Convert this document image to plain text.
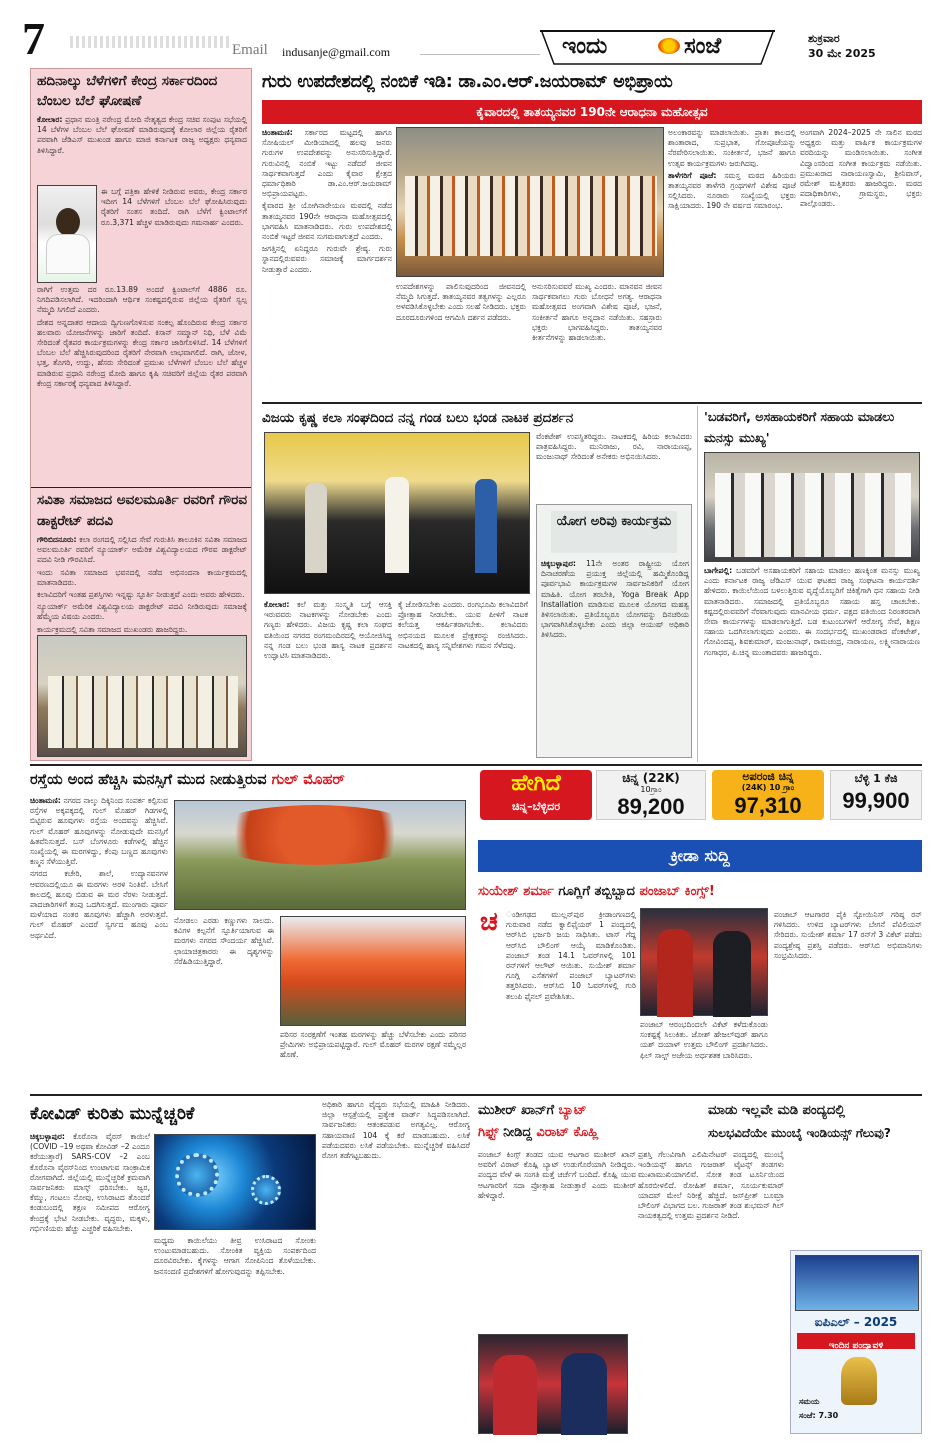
7	Email indusanje@gmail.com	ಇಂದು	ಸಂಜೆ	ಶುಕ್ರವಾರ
30 ಮೇ 2025
ಹದಿನಾಲ್ಕು ಬೆಳೆಗಳಿಗೆ ಕೇಂದ್ರ ಸರ್ಕಾರದಿಂದ ಬೆಂಬಲ ಬೆಲೆ ಘೋಷಣೆ

ಕೋಲಾರ: ಪ್ರಧಾನ ಮಂತ್ರಿ ನರೇಂದ್ರ ಮೋದಿ ನೇತೃತ್ವದ ಕೇಂದ್ರ ಸಚಿವ ಸಂಪುಟ ಸಭೆಯಲ್ಲಿ 14 ಬೆಳೆಗಳ ಬೆಂಬಲ ಬೆಲೆ ಘೋಷಣೆ ಮಾಡಿರುವುದಕ್ಕೆ ಕೋಲಾರ ಜಿಲ್ಲೆಯ ರೈತರಿಗೆ ಪರವಾಗಿ ಜೆಡಿಎಸ್ ಮುಖಂಡ ಹಾಗೂ ಮಾಜಿ ಕರ್ನಾಟಕ ರಾಜ್ಯ ಅಧ್ಯಕ್ಷರು ಧನ್ಯವಾದ ತಿಳಿಸಿದ್ದಾರೆ.

ಈ ಬಗ್ಗೆ ಪತ್ರಿಕಾ ಹೇಳಿಕೆ ನೀಡಿರುವ ಅವರು, ಕೇಂದ್ರ ಸರ್ಕಾರ ಇದೀಗ 14 ಬೆಳೆಗಳಿಗೆ ಬೆಂಬಲ ಬೆಲೆ ಘೋಷಿಸಿರುವುದು ರೈತರಿಗೆ ಸಂತಸ ತಂದಿದೆ. ರಾಗಿ ಬೆಳೆಗೆ ಕ್ವಿಂಟಾಲ್‌ಗೆ ರೂ.3,371 ಹೆಚ್ಚಳ ಮಾಡಿರುವುದು ಗಮನಾರ್ಹ ಎಂದರು.

ರಾಗಿಗೆ ಉತ್ತಮ ದರ ರೂ.13.89 ಅಂದರೆ ಕ್ವಿಂಟಾಲ್‌ಗೆ 4886 ರೂ. ನಿಗದಿಪಡಿಸಲಾಗಿದೆ. ಇದರಿಂದಾಗಿ ಆರ್ಥಿಕ ಸಂಕಷ್ಟದಲ್ಲಿರುವ ಜಿಲ್ಲೆಯ ರೈತರಿಗೆ ಸ್ವಲ್ಪ ನೆಮ್ಮದಿ ಸಿಗಲಿದೆ ಎಂದರು.

ದೇಶದ ಅನ್ನದಾತರ ಆದಾಯ ದ್ವಿಗುಣಗೊಳಿಸುವ ಸಂಕಲ್ಪ ಹೊಂದಿರುವ ಕೇಂದ್ರ ಸರ್ಕಾರ ಹಲವಾರು ಯೋಜನೆಗಳನ್ನು ಜಾರಿಗೆ ತಂದಿದೆ. ಕಿಸಾನ್ ಸಮ್ಮಾನ್ ನಿಧಿ, ಬೆಳೆ ವಿಮೆ ಸೇರಿದಂತೆ ರೈತಪರ ಕಾರ್ಯಕ್ರಮಗಳನ್ನು ಕೇಂದ್ರ ಸರ್ಕಾರ ಜಾರಿಗೊಳಿಸಿದೆ. 14 ಬೆಳೆಗಳಿಗೆ ಬೆಂಬಲ ಬೆಲೆ ಹೆಚ್ಚಿಸಿರುವುದರಿಂದ ರೈತರಿಗೆ ನೇರವಾಗಿ ಲಾಭವಾಗಲಿದೆ. ರಾಗಿ, ಜೋಳ, ಭತ್ತ, ತೊಗರಿ, ಉದ್ದು, ಹೆಸರು ಸೇರಿದಂತೆ ಪ್ರಮುಖ ಬೆಳೆಗಳಿಗೆ ಬೆಂಬಲ ಬೆಲೆ ಹೆಚ್ಚಳ ಮಾಡಿರುವ ಪ್ರಧಾನಿ ನರೇಂದ್ರ ಮೋದಿ ಹಾಗೂ ಕೃಷಿ ಸಚಿವರಿಗೆ ಜಿಲ್ಲೆಯ ರೈತರ ಪರವಾಗಿ ಕೇಂದ್ರ ಸರ್ಕಾರಕ್ಕೆ ಧನ್ಯವಾದ ತಿಳಿಸಿದ್ದಾರೆ.

ಸವಿತಾ ಸಮಾಜದ ಅವಲಮೂರ್ತಿ ರವರಿಗೆ ಗೌರವ ಡಾಕ್ಟರೇಟ್ ಪದವಿ

ಗೌರಿಬಿದನೂರು: ಕಲಾ ರಂಗದಲ್ಲಿ ಸಲ್ಲಿಸಿದ ಸೇವೆ ಗುರುತಿಸಿ ತಾಲೂಕಿನ ಸವಿತಾ ಸಮಾಜದ ಅವಲಮೂರ್ತಿ ರವರಿಗೆ ನ್ಯೂಯಾರ್ಕ್ ಅಮೆರಿಕ ವಿಶ್ವವಿದ್ಯಾಲಯದ ಗೌರವ ಡಾಕ್ಟರೇಟ್ ಪದವಿ ನೀಡಿ ಗೌರವಿಸಿದೆ.

ಇಂದು ಸವಿತಾ ಸಮಾಜದ ಭವನದಲ್ಲಿ ನಡೆದ ಅಭಿನಂದನಾ ಕಾರ್ಯಕ್ರಮದಲ್ಲಿ ಮಾತನಾಡಿದರು.

ಕಲಾವಿದರಿಗೆ ಇಂತಹ ಪ್ರಶಸ್ತಿಗಳು ಇನ್ನಷ್ಟು ಸ್ಫೂರ್ತಿ ನೀಡುತ್ತವೆ ಎಂದು ಅವರು ಹೇಳಿದರು.

ನ್ಯೂಯಾರ್ಕ್ ಅಮೆರಿಕ ವಿಶ್ವವಿದ್ಯಾಲಯ ಡಾಕ್ಟರೇಟ್ ಪದವಿ ನೀಡಿರುವುದು ಸಮಾಜಕ್ಕೆ ಹೆಮ್ಮೆಯ ವಿಷಯ ಎಂದರು.

ಕಾರ್ಯಕ್ರಮದಲ್ಲಿ ಸವಿತಾ ಸಮಾಜದ ಮುಖಂಡರು ಹಾಜರಿದ್ದರು.

ಗುರು ಉಪದೇಶದಲ್ಲಿ ನಂಬಿಕೆ ಇಡಿ: ಡಾ.ಎಂ.ಆರ್.ಜಯರಾಮ್ ಅಭಿಪ್ರಾಯ
ಕೈವಾರದಲ್ಲಿ ತಾತಯ್ಯನವರ 190ನೇ ಆರಾಧನಾ ಮಹೋತ್ಸವ

ಚಿಂತಾಮಣಿ: ಸರ್ಕಾರದ ಮಟ್ಟದಲ್ಲಿ ಹಾಗೂ ಸೋಷಿಯಲ್ ಮೀಡಿಯಾದಲ್ಲಿ ಹಲವು ಜನರು ಗುರುಗಳ ಉಪದೇಶವನ್ನು ಅನುಸರಿಸುತ್ತಿದ್ದಾರೆ. ಗುರುವಿನಲ್ಲಿ ನಂಬಿಕೆ ಇಟ್ಟು ನಡೆದರೆ ಜೀವನ ಸಾರ್ಥಕವಾಗುತ್ತದೆ ಎಂದು ಕೈವಾರ ಕ್ಷೇತ್ರದ ಧರ್ಮಾಧಿಕಾರಿ ಡಾ.ಎಂ.ಆರ್.ಜಯರಾಮ್ ಅಭಿಪ್ರಾಯಪಟ್ಟರು.

ಕೈವಾರದ ಶ್ರೀ ಯೋಗಿನಾರೇಯಣ ಮಠದಲ್ಲಿ ನಡೆದ ತಾತಯ್ಯನವರ 190ನೇ ಆರಾಧನಾ ಮಹೋತ್ಸವದಲ್ಲಿ ಭಾಗವಹಿಸಿ ಮಾತನಾಡಿದರು. ಗುರು ಉಪದೇಶದಲ್ಲಿ ನಂಬಿಕೆ ಇಟ್ಟರೆ ಜೀವನ ಸುಗಮವಾಗುತ್ತದೆ ಎಂದರು.

ಜಗತ್ತಿನಲ್ಲಿ ಏನಿದ್ದರೂ ಗುರುವೇ ಶ್ರೇಷ್ಠ. ಗುರು ಸ್ಥಾನದಲ್ಲಿರುವವರು ಸಮಾಜಕ್ಕೆ ಮಾರ್ಗದರ್ಶನ ನೀಡುತ್ತಾರೆ ಎಂದರು.

ಉಪದೇಶಗಳನ್ನು ಪಾಲಿಸುವುದರಿಂದ ಜೀವನದಲ್ಲಿ ನೆಮ್ಮದಿ ಸಿಗುತ್ತದೆ. ತಾತಯ್ಯನವರ ತತ್ವಗಳನ್ನು ಎಲ್ಲರೂ ಅಳವಡಿಸಿಕೊಳ್ಳಬೇಕು ಎಂದು ಸಲಹೆ ನೀಡಿದರು. ಭಕ್ತರು ದೂರದೂರುಗಳಿಂದ ಆಗಮಿಸಿ ದರ್ಶನ ಪಡೆದರು.

ಅನುಸರಿಸುವವರೆ ಮುಖ್ಯ ಎಂದರು. ಮಾನವನ ಜೀವನ ಸಾರ್ಥಕವಾಗಲು ಗುರು ಬೋಧನೆ ಅಗತ್ಯ. ಆರಾಧನಾ ಮಹೋತ್ಸವದ ಅಂಗವಾಗಿ ವಿಶೇಷ ಪೂಜೆ, ಭಜನೆ, ಸಂಕೀರ್ತನೆ ಹಾಗೂ ಅನ್ನದಾನ ನಡೆಯಿತು. ಸಹಸ್ರಾರು ಭಕ್ತರು ಭಾಗವಹಿಸಿದ್ದರು. ತಾತಯ್ಯನವರ ಕೀರ್ತನೆಗಳನ್ನು ಹಾಡಲಾಯಿತು.

ಅಲಂಕಾರವನ್ನು ಮಾಡಲಾಯಿತು. ಪ್ರಾತಃ ಕಾಲದಲ್ಲಿ ಶಾಂತಾರಾದ, ಸುಪ್ರಭಾತ, ಗೋಪೂಜೆಯನ್ನು ನೆರವೇರಿಸಲಾಯಿತು. ಸಂಕೀರ್ತನೆ, ಭಜನೆ ಹಾಗೂ ಉತ್ಸವ ಕಾರ್ಯಕ್ರಮಗಳು ಜರುಗಿದವು.

ತಾಳೆಗರಿಗೆ ಪೂಜೆ: ಸಮಸ್ತ ಮಠದ ಹಿರಿಯರು ತಾತಯ್ಯನವರ ತಾಳೆಗರಿ ಗ್ರಂಥಗಳಿಗೆ ವಿಶೇಷ ಪೂಜೆ ಸಲ್ಲಿಸಿದರು. ನೂರಾರು ಸಂಖ್ಯೆಯಲ್ಲಿ ಭಕ್ತರು ಸಾಕ್ಷಿಯಾದರು. 190 ನೇ ವರ್ಷದ ಸಮಾರಂಭ.

ಅಂಗವಾಗಿ 2024–2025 ನೇ ಸಾಲಿನ ಮಠದ ಅಧ್ಯಕ್ಷರು ಮತ್ತು ವಾರ್ಷಿಕ ಕಾರ್ಯಕ್ರಮಗಳ ವರದಿಯನ್ನು ಮಂಡಿಸಲಾಯಿತು. ಸಂಗೀತ ವಿದ್ವಾಂಸರಿಂದ ಸಂಗೀತ ಕಾರ್ಯಕ್ರಮ ನಡೆಯಿತು. ಪ್ರಮುಖರಾದ ನಾರಾಯಣಸ್ವಾಮಿ, ಶ್ರೀನಿವಾಸ್, ರಮೇಶ್ ಮತ್ತಿತರರು ಹಾಜರಿದ್ದರು. ಮಠದ ಪದಾಧಿಕಾರಿಗಳು, ಗ್ರಾಮಸ್ಥರು, ಭಕ್ತರು ಪಾಲ್ಗೊಂಡರು.

ವಿಜಯ ಕೃಷ್ಣ ಕಲಾ ಸಂಘದಿಂದ ನನ್ನ ಗಂಡ ಬಲು ಭಂಡ ನಾಟಕ ಪ್ರದರ್ಶನ

ಕೋಲಾರ: ಕಲೆ ಮತ್ತು ಸಂಸ್ಕೃತಿ ಬಗ್ಗೆ ಆಸಕ್ತಿ ಇರುವವರು ನಾಟಕಗಳನ್ನು ನೋಡಬೇಕು ಎಂದು ಗಣ್ಯರು ಹೇಳಿದರು. ವಿಜಯ ಕೃಷ್ಣ ಕಲಾ ಸಂಘದ ವತಿಯಿಂದ ನಗರದ ರಂಗಮಂದಿರದಲ್ಲಿ ಆಯೋಜಿಸಿದ್ದ ನನ್ನ ಗಂಡ ಬಲು ಭಂಡ ಹಾಸ್ಯ ನಾಟಕ ಪ್ರದರ್ಶನ ಉದ್ಘಾಟಿಸಿ ಮಾತನಾಡಿದರು.

ಕೈ ಜೋಡಿಸಬೇಕು ಎಂದರು. ರಂಗಭೂಮಿ ಕಲಾವಿದರಿಗೆ ಪ್ರೋತ್ಸಾಹ ನೀಡಬೇಕು. ಯುವ ಪೀಳಿಗೆ ನಾಟಕ ಕಲೆಯತ್ತ ಆಕರ್ಷಿತರಾಗಬೇಕು. ಕಲಾವಿದರು ಅಭಿನಯದ ಮೂಲಕ ಪ್ರೇಕ್ಷಕರನ್ನು ರಂಜಿಸಿದರು. ನಾಟಕದಲ್ಲಿ ಹಾಸ್ಯ ಸನ್ನಿವೇಶಗಳು ಗಮನ ಸೆಳೆದವು.

ವೆಂಕಟೇಶ್ ಉಪಸ್ಥಿತರಿದ್ದರು. ನಾಟಕದಲ್ಲಿ ಹಿರಿಯ ಕಲಾವಿದರು ಪಾತ್ರವಹಿಸಿದ್ದರು. ಮುನಿರಾಜು, ರವಿ, ನಾರಾಯಣಪ್ಪ, ಮಂಜುನಾಥ್ ಸೇರಿದಂತೆ ಅನೇಕರು ಅಭಿನಯಿಸಿದರು.

ಯೋಗ ಅರಿವು ಕಾರ್ಯಕ್ರಮ

ಚಿಕ್ಕಬಳ್ಳಾಪುರ: 11ನೇ ಅಂತರ ರಾಷ್ಟ್ರೀಯ ಯೋಗ ದಿನಾಚರಣೆಯ ಪ್ರಯುಕ್ತ ಜಿಲ್ಲೆಯಲ್ಲಿ ಹಮ್ಮಿಕೊಂಡಿದ್ದ ಪೂರ್ವಭಾವಿ ಕಾರ್ಯಕ್ರಮಗಳ ಸಾರ್ವಜನಿಕರಿಗೆ ಯೋಗ ಮಾಹಿತಿ. ಯೋಗ ತರಬೇತಿ, Yoga Break App Installation ಮಾಡಿಸುವ ಮೂಲಕ ಯೋಗದ ಮಹತ್ವ ತಿಳಿಸಲಾಯಿತು. ಪ್ರತಿಯೊಬ್ಬರೂ ಯೋಗವನ್ನು ದಿನಚರಿಯ ಭಾಗವಾಗಿಸಿಕೊಳ್ಳಬೇಕು ಎಂದು ಜಿಲ್ಲಾ ಆಯುಷ್ ಅಧಿಕಾರಿ ತಿಳಿಸಿದರು.

'ಬಡವರಿಗೆ, ಅಸಹಾಯಕರಿಗೆ ಸಹಾಯ ಮಾಡಲು ಮನಸ್ಸು ಮುಖ್ಯ'

ಬಾಗೇಪಲ್ಲಿ: ಬಡವರಿಗೆ ಅಸಹಾಯಕರಿಗೆ ಸಹಾಯ ಮಾಡಲು ಹಣಕ್ಕಿಂತ ಮನಸ್ಸು ಮುಖ್ಯ ಎಂದು ಕರ್ನಾಟಕ ರಾಜ್ಯ ಜೆಡಿಎಸ್ ಯುವ ಘಟಕದ ರಾಜ್ಯ ಸಂಘಟನಾ ಕಾರ್ಯದರ್ಶಿ ಹೇಳಿದರು. ಕಾಯಿಲೆಯಿಂದ ಬಳಲುತ್ತಿರುವ ವೃದ್ಧೆಯೊಬ್ಬರಿಗೆ ಚಿಕಿತ್ಸೆಗಾಗಿ ಧನ ಸಹಾಯ ನೀಡಿ ಮಾತನಾಡಿದರು. ಸಮಾಜದಲ್ಲಿ ಪ್ರತಿಯೊಬ್ಬರೂ ಸಹಾಯ ಹಸ್ತ ಚಾಚಬೇಕು. ಕಷ್ಟದಲ್ಲಿರುವವರಿಗೆ ನೆರವಾಗುವುದು ಮಾನವೀಯ ಧರ್ಮ. ಪಕ್ಷದ ವತಿಯಿಂದ ನಿರಂತರವಾಗಿ ಸೇವಾ ಕಾರ್ಯಗಳನ್ನು ಮಾಡಲಾಗುತ್ತಿದೆ. ಬಡ ಕುಟುಂಬಗಳಿಗೆ ಆರೋಗ್ಯ ಸೇವೆ, ಶಿಕ್ಷಣ ಸಹಾಯ ಒದಗಿಸಲಾಗುವುದು ಎಂದರು. ಈ ಸಂದರ್ಭದಲ್ಲಿ ಮುಖಂಡರಾದ ವೆಂಕಟೇಶ್, ಗೋವಿಂದಪ್ಪ, ಶಿವಕುಮಾರ್, ಮಂಜುನಾಥ್, ರಾಮಚಂದ್ರ, ನಾರಾಯಣ, ಲಕ್ಷ್ಮೀನಾರಾಯಣ ಗಂಗಾಧರ, ಪಿ.ಚಿನ್ನ ಮುಂತಾದವರು ಹಾಜರಿದ್ದರು.

ರಸ್ತೆಯ ಅಂದ ಹೆಚ್ಚಿಸಿ ಮನಸ್ಸಿಗೆ ಮುದ ನೀಡುತ್ತಿರುವ ಗುಲ್ ಮೊಹರ್

ಚಿಂತಾಮಣಿ: ನಗರದ ನಾಲ್ಕು ದಿಕ್ಕಿನಿಂದ ಸಂಪರ್ಕ ಕಲ್ಪಿಸುವ ರಸ್ತೆಗಳ ಅಕ್ಕಪಕ್ಕದಲ್ಲಿ ಗುಲ್ ಮೊಹರ್ ಗಿಡಗಳಲ್ಲಿ ಬಿಟ್ಟಿರುವ ಹೂವುಗಳು ರಸ್ತೆಯ ಅಂದವನ್ನು ಹೆಚ್ಚಿಸಿವೆ. ಗುಲ್ ಮೊಹರ್ ಹೂವುಗಳನ್ನು ನೋಡುವುದೇ ಮನಸ್ಸಿಗೆ ಹಿತವೆನಿಸುತ್ತದೆ. ಬಸ್ ಬೆಂಗಳೂರು ಕಡೆಗಳಲ್ಲಿ ಹೆಚ್ಚಿನ ಸಂಖ್ಯೆಯಲ್ಲಿ ಈ ಮರಗಳಿದ್ದು, ಕೆಂಪು ಬಣ್ಣದ ಹೂವುಗಳು ಕಣ್ಮನ ಸೆಳೆಯುತ್ತಿವೆ.

ನಗರದ ಕಚೇರಿ, ಶಾಲೆ, ಉದ್ಯಾನವನಗಳ ಆವರಣದಲ್ಲಿಯೂ ಈ ಮರಗಳು ಅರಳಿ ನಿಂತಿವೆ. ಬೇಸಿಗೆ ಕಾಲದಲ್ಲಿ ಹೂವು ಬಿಡುವ ಈ ಮರ ನೆರಳು ನೀಡುತ್ತದೆ. ಪಾದಚಾರಿಗಳಿಗೆ ತಂಪು ಒದಗಿಸುತ್ತದೆ. ಮುಂಗಾರು ಪೂರ್ವ ಮಳೆಯಾದ ನಂತರ ಹೂವುಗಳು ಹೆಚ್ಚಾಗಿ ಅರಳುತ್ತವೆ. ಗುಲ್ ಮೊಹರ್ ಎಂದರೆ ಸ್ವರ್ಗದ ಹೂವು ಎಂಬ ಅರ್ಥವಿದೆ.

ನೋಡಲು ಎರಡು ಕಣ್ಣುಗಳು ಸಾಲದು. ಕವಿಗಳ ಕಲ್ಪನೆಗೆ ಸ್ಫೂರ್ತಿಯಾಗುವ ಈ ಮರಗಳು ನಗರದ ಸೌಂದರ್ಯ ಹೆಚ್ಚಿಸಿವೆ. ಛಾಯಾಚಿತ್ರಕಾರರು ಈ ದೃಶ್ಯಗಳನ್ನು ಸೆರೆಹಿಡಿಯುತ್ತಿದ್ದಾರೆ.

ಪರಿಸರ ಸಂರಕ್ಷಣೆಗೆ ಇಂತಹ ಮರಗಳನ್ನು ಹೆಚ್ಚು ಬೆಳೆಸಬೇಕು ಎಂದು ಪರಿಸರ ಪ್ರೇಮಿಗಳು ಅಭಿಪ್ರಾಯಪಟ್ಟಿದ್ದಾರೆ. ಗುಲ್ ಮೊಹರ್ ಮರಗಳ ರಕ್ಷಣೆ ನಮ್ಮೆಲ್ಲರ ಹೊಣೆ.

ಹೇಗಿದೆ
ಚಿನ್ನ–ಬೆಳ್ಳಿದರ
ಚಿನ್ನ (22K)
10ಗ್ರಾಂ
89,200
ಅಪರಂಜಿ ಚಿನ್ನ
(24K) 10 ಗ್ರಾಂ
97,310
ಬೆಳ್ಳಿ 1 ಕೆಜಿ
99,900
ಕ್ರೀಡಾ ಸುದ್ದಿ
ಸುಯೇಶ್ ಶರ್ಮಾ ಗೂಗ್ಲಿಗೆ ತಬ್ಬಿಬ್ಬಾದ ಪಂಜಾಬ್ ಕಿಂಗ್ಸ್!
ಚ ಂಡೀಗಢದ ಮುಲ್ಲನ್‌ಪುರ ಕ್ರೀಡಾಂಗಣದಲ್ಲಿ ಗುರುವಾರ ನಡೆದ ಕ್ವಾಲಿಫೈಯರ್ 1 ಪಂದ್ಯದಲ್ಲಿ ಆರ್‌ಸಿಬಿ ಭರ್ಜರಿ ಜಯ ಸಾಧಿಸಿತು. ಟಾಸ್ ಗೆದ್ದ ಆರ್‌ಸಿಬಿ ಬೌಲಿಂಗ್ ಆಯ್ಕೆ ಮಾಡಿಕೊಂಡಿತು. ಪಂಜಾಬ್ ತಂಡ 14.1 ಓವರ್‌ಗಳಲ್ಲಿ 101 ರನ್‌ಗಳಿಗೆ ಆಲೌಟ್ ಆಯಿತು. ಸುಯೇಶ್ ಶರ್ಮಾ ಗೂಗ್ಲಿ ಎಸೆತಗಳಿಗೆ ಪಂಜಾಬ್ ಬ್ಯಾಟರ್‌ಗಳು ತತ್ತರಿಸಿದರು. ಆರ್‌ಸಿಬಿ 10 ಓವರ್‌ಗಳಲ್ಲಿ ಗುರಿ ತಲುಪಿ ಫೈನಲ್ ಪ್ರವೇಶಿಸಿತು.

ಪಂಜಾಬ್ ಆರಂಭದಿಂದಲೇ ವಿಕೆಟ್ ಕಳೆದುಕೊಂಡು ಸಂಕಷ್ಟಕ್ಕೆ ಸಿಲುಕಿತು. ಜೋಶ್ ಹೇಜಲ್‌ವುಡ್ ಹಾಗೂ ಯಶ್ ದಯಾಳ್ ಉತ್ತಮ ಬೌಲಿಂಗ್ ಪ್ರದರ್ಶಿಸಿದರು. ಫಿಲ್ ಸಾಲ್ಟ್ ಅಜೇಯ ಅರ್ಧಶತಕ ಬಾರಿಸಿದರು.

ಪಂಜಾಬ್ ಆಟಗಾರರ ಪೈಕಿ ಸ್ಟೋಯಿನಿಸ್ ಗರಿಷ್ಠ ರನ್ ಗಳಿಸಿದರು. ಉಳಿದ ಬ್ಯಾಟರ್‌ಗಳು ಬೇಗನೆ ಪೆವಿಲಿಯನ್ ಸೇರಿದರು. ಸುಯೇಶ್ ಶರ್ಮಾ 17 ರನ್‌ಗೆ 3 ವಿಕೆಟ್ ಪಡೆದು ಪಂದ್ಯಶ್ರೇಷ್ಠ ಪ್ರಶಸ್ತಿ ಪಡೆದರು. ಆರ್‌ಸಿಬಿ ಅಭಿಮಾನಿಗಳು ಸಂಭ್ರಮಿಸಿದರು.

ಕೋವಿಡ್ ಕುರಿತು ಮುನ್ನೆಚ್ಚರಿಕೆ

ಚಿಕ್ಕಬಳ್ಳಾಪುರ: ಕೊರೊನಾ ವೈರಸ್ ಕಾಯಿಲೆ (COVID –19 ಅಥವಾ ಕೋವಿಡ್ –2 ಎಂದೂ ಕರೆಯುತ್ತಾರೆ) SARS-COV –2 ಎಂಬ ಕೊರೊನಾ ವೈರಸ್‌ನಿಂದ ಉಂಟಾಗುವ ಸಾಂಕ್ರಾಮಿಕ ರೋಗವಾಗಿದೆ. ಜಿಲ್ಲೆಯಲ್ಲಿ ಮುನ್ನೆಚ್ಚರಿಕೆ ಕ್ರಮವಾಗಿ ಸಾರ್ವಜನಿಕರು ಮಾಸ್ಕ್ ಧರಿಸಬೇಕು. ಜ್ವರ, ಕೆಮ್ಮು, ಗಂಟಲು ನೋವು, ಉಸಿರಾಟದ ತೊಂದರೆ ಕಂಡುಬಂದಲ್ಲಿ ತಕ್ಷಣ ಸಮೀಪದ ಆರೋಗ್ಯ ಕೇಂದ್ರಕ್ಕೆ ಭೇಟಿ ನೀಡಬೇಕು. ವೃದ್ಧರು, ಮಕ್ಕಳು, ಗರ್ಭಿಣಿಯರು ಹೆಚ್ಚು ಎಚ್ಚರಿಕೆ ವಹಿಸಬೇಕು.

ಮಧ್ಯಮ ಕಾಯಿಲೆಯು ತೀವ್ರ ಉಸಿರಾಟದ ಸೋಂಕು ಉಂಟುಮಾಡಬಹುದು. ಸೋಂಕಿತ ವ್ಯಕ್ತಿಯ ಸಂಪರ್ಕದಿಂದ ದೂರವಿರಬೇಕು. ಕೈಗಳನ್ನು ಆಗಾಗ ಸೋಪಿನಿಂದ ತೊಳೆಯಬೇಕು. ಜನಸಂದಣಿ ಪ್ರದೇಶಗಳಿಗೆ ಹೋಗುವುದನ್ನು ತಪ್ಪಿಸಬೇಕು.

ಅಧಿಕಾರಿ ಹಾಗೂ ವೈದ್ಯರು ಸಭೆಯಲ್ಲಿ ಮಾಹಿತಿ ನೀಡಿದರು. ಜಿಲ್ಲಾ ಆಸ್ಪತ್ರೆಯಲ್ಲಿ ಪ್ರತ್ಯೇಕ ವಾರ್ಡ್ ಸಿದ್ಧಪಡಿಸಲಾಗಿದೆ. ಸಾರ್ವಜನಿಕರು ಆತಂಕಪಡುವ ಅಗತ್ಯವಿಲ್ಲ. ಆರೋಗ್ಯ ಸಹಾಯವಾಣಿ 104 ಕ್ಕೆ ಕರೆ ಮಾಡಬಹುದು. ಲಸಿಕೆ ಪಡೆಯದವರು ಲಸಿಕೆ ಪಡೆಯಬೇಕು. ಮುನ್ನೆಚ್ಚರಿಕೆ ವಹಿಸಿದರೆ ರೋಗ ತಡೆಗಟ್ಟಬಹುದು.

ಮುಶೀರ್ ಖಾನ್‌ಗೆ ಬ್ಯಾಟ್
ಗಿಫ್ಟ್ ನೀಡಿದ್ದ ವಿರಾಟ್ ಕೊಹ್ಲಿ

ಪಂಜಾಬ್ ಕಿಂಗ್ಸ್ ತಂಡದ ಯುವ ಆಟಗಾರ ಮುಶೀರ್ ಖಾನ್ ಅವರಿಗೆ ವಿರಾಟ್ ಕೊಹ್ಲಿ ಬ್ಯಾಟ್ ಉಡುಗೊರೆಯಾಗಿ ನೀಡಿದ್ದರು. ಪಂದ್ಯದ ವೇಳೆ ಈ ಸಂಗತಿ ಮತ್ತೆ ಚರ್ಚೆಗೆ ಬಂದಿದೆ. ಕೊಹ್ಲಿ ಯುವ ಆಟಗಾರರಿಗೆ ಸದಾ ಪ್ರೋತ್ಸಾಹ ನೀಡುತ್ತಾರೆ ಎಂದು ಮುಶೀರ್ ಹೇಳಿದ್ದಾರೆ.

ಮಾಡು ಇಲ್ಲವೇ ಮಡಿ ಪಂದ್ಯದಲ್ಲಿ
ಸುಲಭವಿದೆಯೇ ಮುಂಬೈ ಇಂಡಿಯನ್ಸ್ ಗೆಲುವು?

ಪ್ರಶಸ್ತಿ ಗೆಲುವಿಗಾಗಿ ಎಲಿಮಿನೇಟರ್ ಪಂದ್ಯದಲ್ಲಿ ಮುಂಬೈ ಇಂಡಿಯನ್ಸ್ ಹಾಗೂ ಗುಜರಾತ್ ಟೈಟನ್ಸ್ ತಂಡಗಳು ಮುಖಾಮುಖಿಯಾಗಲಿವೆ. ಸೋತ ತಂಡ ಟೂರ್ನಿಯಿಂದ ಹೊರಬೀಳಲಿದೆ. ರೋಹಿತ್ ಶರ್ಮಾ, ಸೂರ್ಯಕುಮಾರ್ ಯಾದವ್ ಮೇಲೆ ನಿರೀಕ್ಷೆ ಹೆಚ್ಚಿದೆ. ಜಸ್‌ಪ್ರೀತ್ ಬೂಮ್ರಾ ಬೌಲಿಂಗ್ ವಿಭಾಗದ ಬಲ. ಗುಜರಾತ್ ತಂಡ ಶುಭಮನ್ ಗಿಲ್ ನಾಯಕತ್ವದಲ್ಲಿ ಉತ್ತಮ ಪ್ರದರ್ಶನ ನೀಡಿದೆ.

ಐಪಿಎಲ್ – 2025
ಇಂದಿನ ಪಂದ್ಯಾವಳಿ
ಸಮಯ
ಸಂಜೆ: 7.30
